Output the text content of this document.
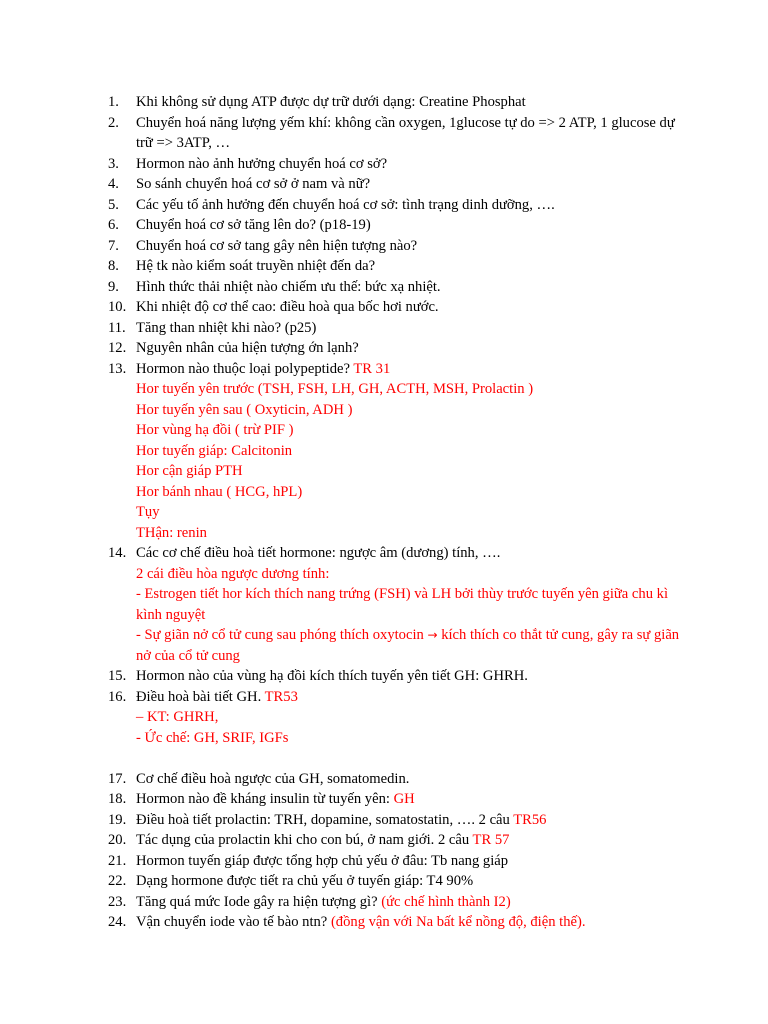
1.	Khi không sử dụng ATP được dự trữ dưới dạng: Creatine Phosphat
2.	Chuyển hoá năng lượng yếm khí: không cần oxygen, 1glucose tự do => 2 ATP, 1 glucose dự trữ => 3ATP, …
3.	Hormon nào ảnh hưởng chuyển hoá cơ sở?
4.	So sánh chuyển hoá cơ sở ở nam và nữ?
5.	Các yếu tố ảnh hưởng đến chuyển hoá cơ sở: tình trạng dinh dưỡng, ….
6.	Chuyển hoá cơ sở tăng lên do? (p18-19)
7.	Chuyển hoá cơ sở tang gây nên hiện tượng nào?
8.	Hệ tk nào kiểm soát truyền nhiệt đến da?
9.	Hình thức thải nhiệt nào chiếm ưu thế: bức xạ nhiệt.
10. Khi nhiệt độ cơ thể cao: điều hoà qua bốc hơi nước.
11. Tăng than nhiệt khi nào? (p25)
12. Nguyên nhân của hiện tượng ớn lạnh?
13. Hormon nào thuộc loại polypeptide? TR 31
Hor tuyến yên trước (TSH, FSH, LH, GH, ACTH, MSH, Prolactin )
Hor tuyến yên sau ( Oxyticin, ADH )
Hor vùng hạ đồi ( trừ PIF )
Hor tuyến giáp: Calcitonin
Hor cận giáp PTH
Hor bánh nhau ( HCG, hPL)
Tụy
THận: renin
14. Các cơ chế điều hoà tiết hormone: ngược âm (dương) tính, ….
2 cái điều hòa ngược dương tính:
- Estrogen tiết hor kích thích nang trứng (FSH) và LH bởi thùy trước tuyến yên giữa chu kì kình nguyệt
- Sự giãn nở cổ tử cung sau phóng thích oxytocin → kích thích co thắt tử cung, gây ra sự giãn nở của cổ tử cung
15. Hormon nào của vùng hạ đồi kích thích tuyến yên tiết GH: GHRH.
16. Điều hoà bài tiết GH. TR53
– KT: GHRH,
- Ức chế: GH, SRIF, IGFs
17. Cơ chế điều hoà ngược của GH, somatomedin.
18. Hormon nào đề kháng insulin từ tuyến yên: GH
19. Điều hoà tiết prolactin: TRH, dopamine, somatostatin, …. 2 câu TR56
20. Tác dụng của prolactin khi cho con bú, ở nam giới. 2 câu TR 57
21. Hormon tuyến giáp được tổng hợp chủ yếu ở đâu: Tb nang giáp
22. Dạng hormone được tiết ra chủ yếu ở tuyến giáp: T4 90%
23. Tăng quá mức Iode gây ra hiện tượng gì? (ức chế hình thành I2)
24. Vận chuyển iode vào tế bào ntn? (đồng vận với Na bất kể nồng độ, điện thế).
